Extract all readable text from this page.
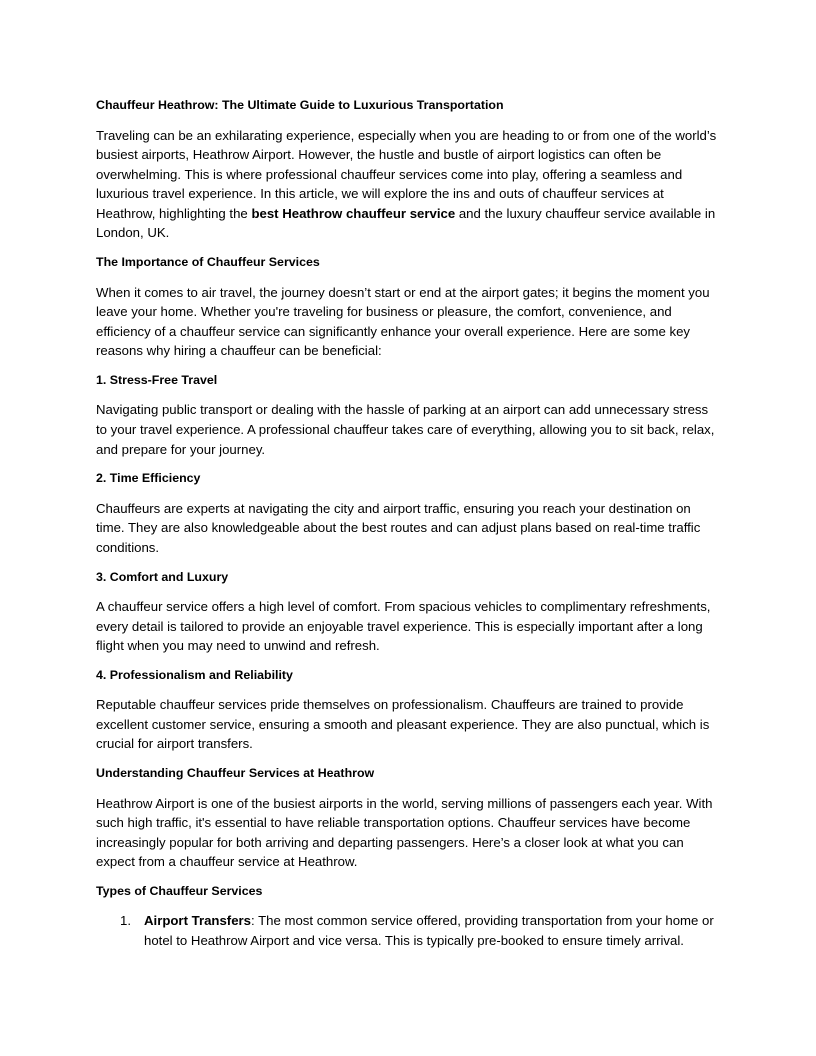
Chauffeur Heathrow: The Ultimate Guide to Luxurious Transportation

Traveling can be an exhilarating experience, especially when you are heading to or from one of the world’s busiest airports, Heathrow Airport. However, the hustle and bustle of airport logistics can often be overwhelming. This is where professional chauffeur services come into play, offering a seamless and luxurious travel experience. In this article, we will explore the ins and outs of chauffeur services at Heathrow, highlighting the best Heathrow chauffeur service and the luxury chauffeur service available in London, UK.

The Importance of Chauffeur Services

When it comes to air travel, the journey doesn’t start or end at the airport gates; it begins the moment you leave your home. Whether you're traveling for business or pleasure, the comfort, convenience, and efficiency of a chauffeur service can significantly enhance your overall experience. Here are some key reasons why hiring a chauffeur can be beneficial:

1. Stress-Free Travel

Navigating public transport or dealing with the hassle of parking at an airport can add unnecessary stress to your travel experience. A professional chauffeur takes care of everything, allowing you to sit back, relax, and prepare for your journey.

2. Time Efficiency

Chauffeurs are experts at navigating the city and airport traffic, ensuring you reach your destination on time. They are also knowledgeable about the best routes and can adjust plans based on real-time traffic conditions.

3. Comfort and Luxury

A chauffeur service offers a high level of comfort. From spacious vehicles to complimentary refreshments, every detail is tailored to provide an enjoyable travel experience. This is especially important after a long flight when you may need to unwind and refresh.

4. Professionalism and Reliability

Reputable chauffeur services pride themselves on professionalism. Chauffeurs are trained to provide excellent customer service, ensuring a smooth and pleasant experience. They are also punctual, which is crucial for airport transfers.

Understanding Chauffeur Services at Heathrow

Heathrow Airport is one of the busiest airports in the world, serving millions of passengers each year. With such high traffic, it's essential to have reliable transportation options. Chauffeur services have become increasingly popular for both arriving and departing passengers. Here’s a closer look at what you can expect from a chauffeur service at Heathrow.

Types of Chauffeur Services

1. Airport Transfers: The most common service offered, providing transportation from your home or hotel to Heathrow Airport and vice versa. This is typically pre-booked to ensure timely arrival.
